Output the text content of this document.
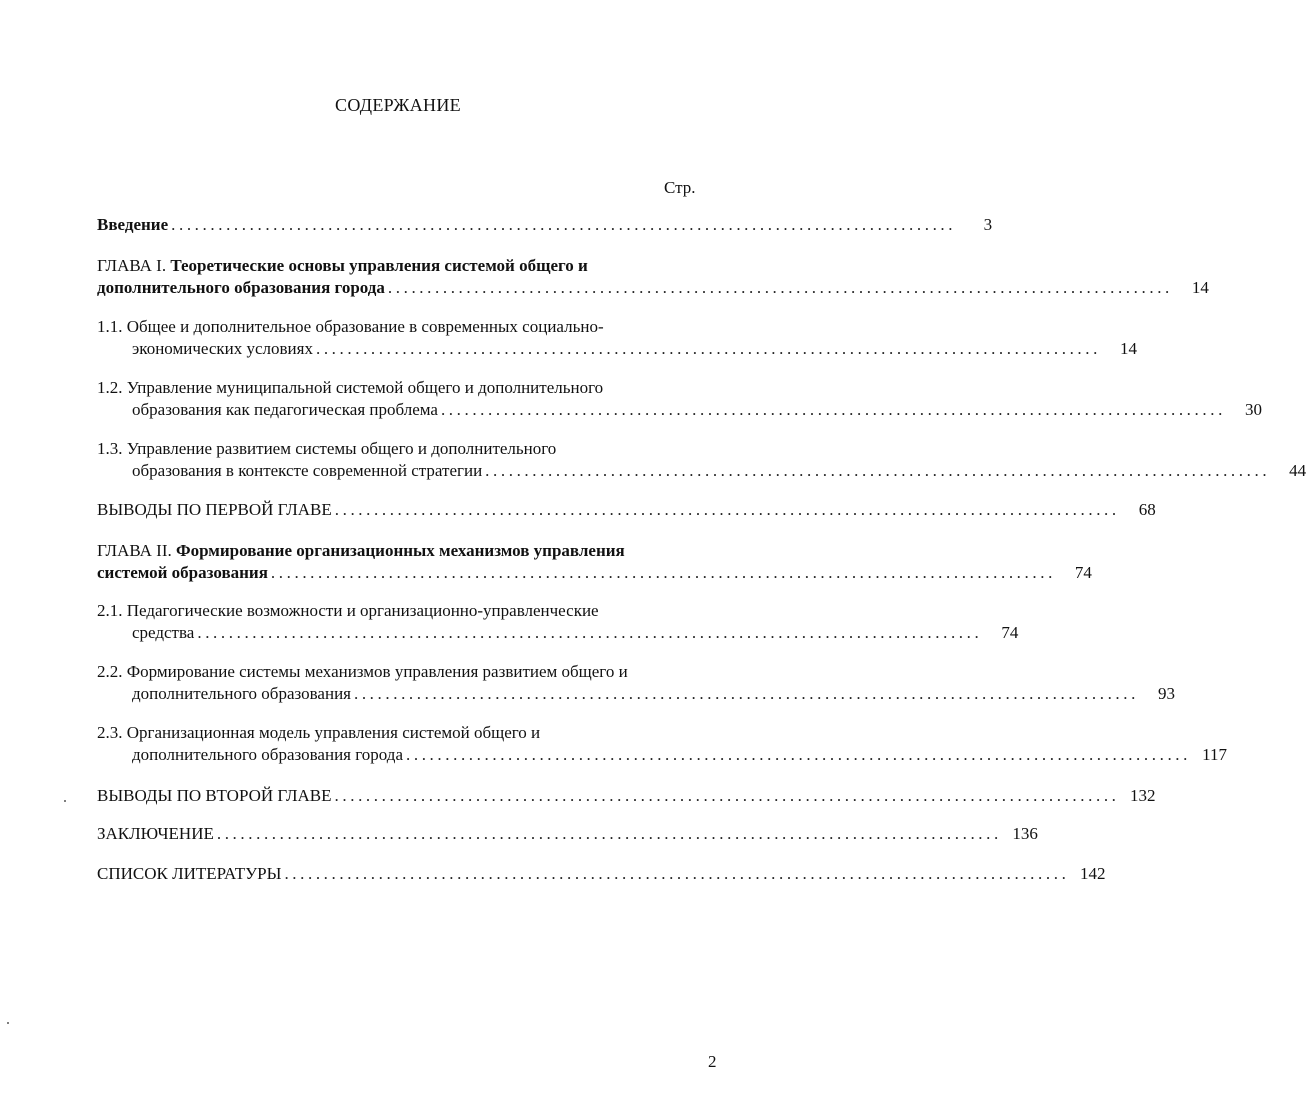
СОДЕРЖАНИЕ
Стр.
Введение ....................................................................................................	3
ГЛАВА I. Теоретические основы управления системой общего и
дополнительного образования города ....................................................................................................	14
1.1. Общее и дополнительное образование в современных социально-
экономических условиях ....................................................................................................	14
1.2. Управление муниципальной системой общего и дополнительного
образования как педагогическая проблема ....................................................................................................	30
1.3. Управление развитием системы общего и дополнительного
образования в контексте современной стратегии ....................................................................................................	44
ВЫВОДЫ ПО ПЕРВОЙ ГЛАВЕ ....................................................................................................	68
ГЛАВА II. Формирование организационных механизмов управления
системой образования ....................................................................................................	74
2.1. Педагогические возможности и организационно-управленческие
средства ....................................................................................................	74
2.2. Формирование системы механизмов управления развитием общего и
дополнительного образования ....................................................................................................	93
2.3. Организационная модель управления системой общего и
дополнительного образования города .................................................................................................... 117
ВЫВОДЫ ПО ВТОРОЙ ГЛАВЕ .................................................................................................... 132
ЗАКЛЮЧЕНИЕ .................................................................................................... 136
СПИСОК ЛИТЕРАТУРЫ .................................................................................................... 142
2
